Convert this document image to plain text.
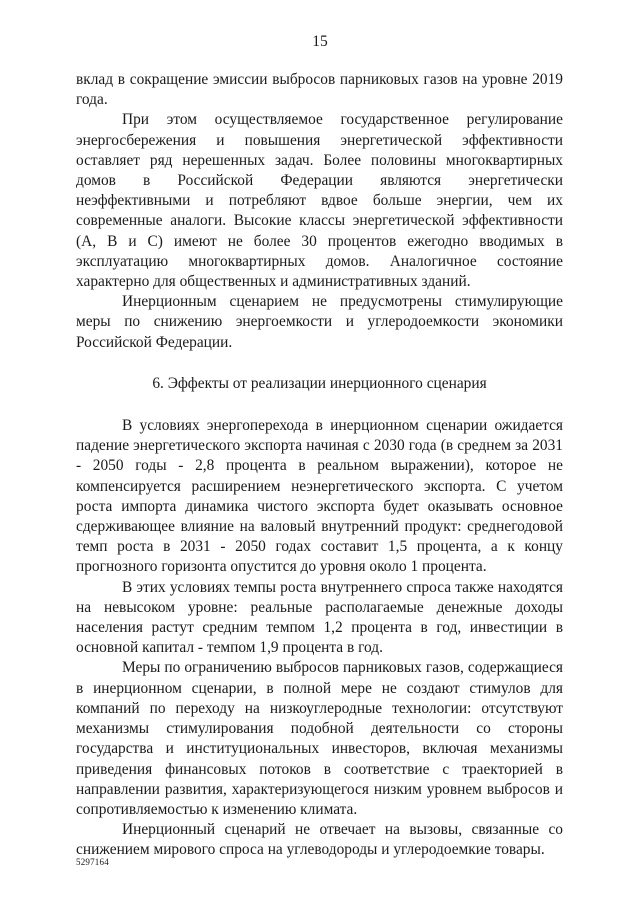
15

вклад в сокращение эмиссии выбросов парниковых газов на уровне 2019 года.

При этом осуществляемое государственное регулирование энергосбережения и повышения энергетической эффективности оставляет ряд нерешенных задач. Более половины многоквартирных домов в Российской Федерации являются энергетически неэффективными и потребляют вдвое больше энергии, чем их современные аналоги. Высокие классы энергетической эффективности (A, B и C) имеют не более 30 процентов ежегодно вводимых в эксплуатацию многоквартирных домов. Аналогичное состояние характерно для общественных и административных зданий.

Инерционным сценарием не предусмотрены стимулирующие меры по снижению энергоемкости и углеродоемкости экономики Российской Федерации.

6. Эффекты от реализации инерционного сценария

В условиях энергоперехода в инерционном сценарии ожидается падение энергетического экспорта начиная с 2030 года (в среднем за 2031 - 2050 годы - 2,8 процента в реальном выражении), которое не компенсируется расширением неэнергетического экспорта. С учетом роста импорта динамика чистого экспорта будет оказывать основное сдерживающее влияние на валовый внутренний продукт: среднегодовой темп роста в 2031 - 2050 годах составит 1,5 процента, а к концу прогнозного горизонта опустится до уровня около 1 процента.

В этих условиях темпы роста внутреннего спроса также находятся на невысоком уровне: реальные располагаемые денежные доходы населения растут средним темпом 1,2 процента в год, инвестиции в основной капитал - темпом 1,9 процента в год.

Меры по ограничению выбросов парниковых газов, содержащиеся в инерционном сценарии, в полной мере не создают стимулов для компаний по переходу на низкоуглеродные технологии: отсутствуют механизмы стимулирования подобной деятельности со стороны государства и институциональных инвесторов, включая механизмы приведения финансовых потоков в соответствие с траекторией в направлении развития, характеризующегося низким уровнем выбросов и сопротивляемостью к изменению климата.

Инерционный сценарий не отвечает на вызовы, связанные со снижением мирового спроса на углеводороды и углеродоемкие товары.

5297164
